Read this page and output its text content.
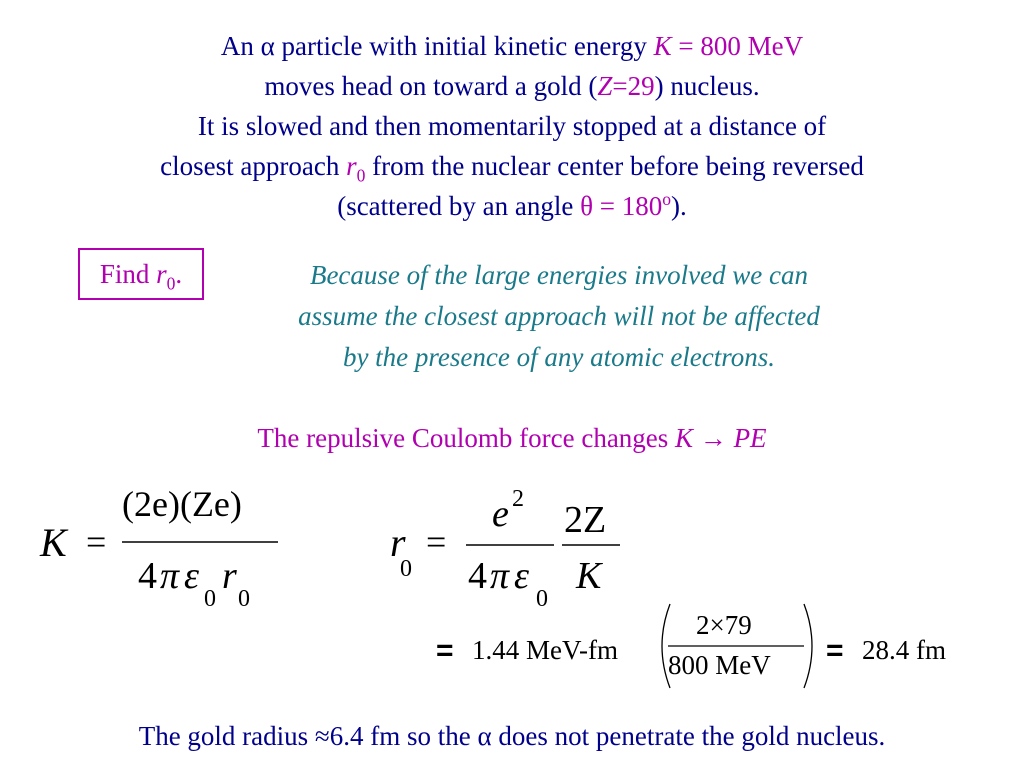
An α particle with initial kinetic energy K = 800 MeV
moves head on toward a gold (Z=29) nucleus.
It is slowed and then momentarily stopped at a distance of
closest approach $r_0$ from the nuclear center before being reversed
(scattered by an angle $\theta = 180^o$).
Find $r_0$.	Because of the large energies involved we can
assume the closest approach will not be affected
by the presence of any atomic electrons.
The repulsive Coulomb force changes K → PE
K =
(2e)(Ze)
4 π ε
0
r
0
r
0
=
e 2
4 π ε
0
2Z
K
= 1.44 MeV-fm
2×79
800 MeV = 28.4 fm
The gold radius ≈6.4 fm so the α does not penetrate the gold nucleus.
